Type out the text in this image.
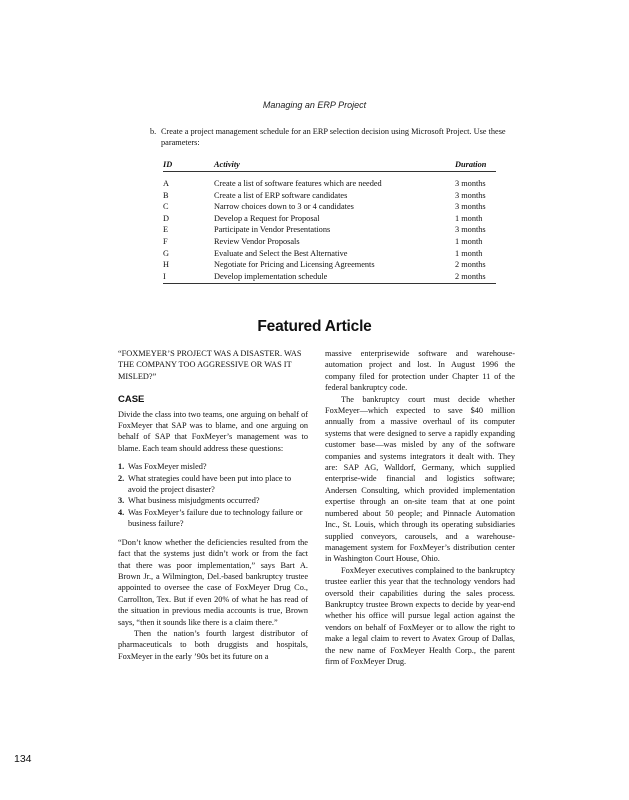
Managing an ERP Project
b. Create a project management schedule for an ERP selection decision using Microsoft Project. Use these parameters:
ID	Activity	Duration
A	Create a list of software features which are needed	3 months
B	Create a list of ERP software candidates	3 months
C	Narrow choices down to 3 or 4 candidates	3 months
D	Develop a Request for Proposal	1 month
E	Participate in Vendor Presentations	3 months
F	Review Vendor Proposals	1 month
G	Evaluate and Select the Best Alternative	1 month
H	Negotiate for Pricing and Licensing Agreements	2 months
I	Develop implementation schedule	2 months
Featured Article

“FOXMEYER’S PROJECT WAS A DISASTER. WAS THE COMPANY TOO AGGRESSIVE OR WAS IT MISLED?”

CASE

Divide the class into two teams, one arguing on behalf of FoxMeyer that SAP was to blame, and one arguing on behalf of SAP that FoxMeyer’s management was to blame. Each team should address these questions:

1. Was FoxMeyer misled?
2. What strategies could have been put into place to avoid the project disaster?
3. What business misjudgments occurred?
4. Was FoxMeyer’s failure due to technology failure or business failure?

“Don’t know whether the deficiencies resulted from the fact that the systems just didn’t work or from the fact that there was poor implementation,” says Bart A. Brown Jr., a Wilmington, Del.-based bankruptcy trustee appointed to oversee the case of FoxMeyer Drug Co., Carrollton, Tex. But if even 20% of what he has read of the situation in previous media accounts is true, Brown says, “then it sounds like there is a claim there.”

Then the nation’s fourth largest distributor of pharmaceuticals to both druggists and hospitals, FoxMeyer in the early ’90s bet its future on a

massive enterprisewide software and warehouse-automation project and lost. In August 1996 the company filed for protection under Chapter 11 of the federal bankruptcy code.

The bankruptcy court must decide whether FoxMeyer—which expected to save $40 million annually from a massive overhaul of its computer systems that were designed to serve a rapidly expanding customer base—was misled by any of the software companies and systems integrators it dealt with. They are: SAP AG, Walldorf, Germany, which supplied enterprise-wide financial and logistics software; Andersen Consulting, which provided implementation expertise through an on-site team that at one point numbered about 50 people; and Pinnacle Automation Inc., St. Louis, which through its operating subsidiaries supplied conveyors, carousels, and a warehouse-management system for FoxMeyer’s distribution center in Washington Court House, Ohio.

FoxMeyer executives complained to the bankruptcy trustee earlier this year that the technology vendors had oversold their capabilities during the sales process. Bankruptcy trustee Brown expects to decide by year-end whether his office will pursue legal action against the vendors on behalf of FoxMeyer or to allow the right to make a legal claim to revert to Avatex Group of Dallas, the new name of FoxMeyer Health Corp., the parent firm of FoxMeyer Drug.

134
